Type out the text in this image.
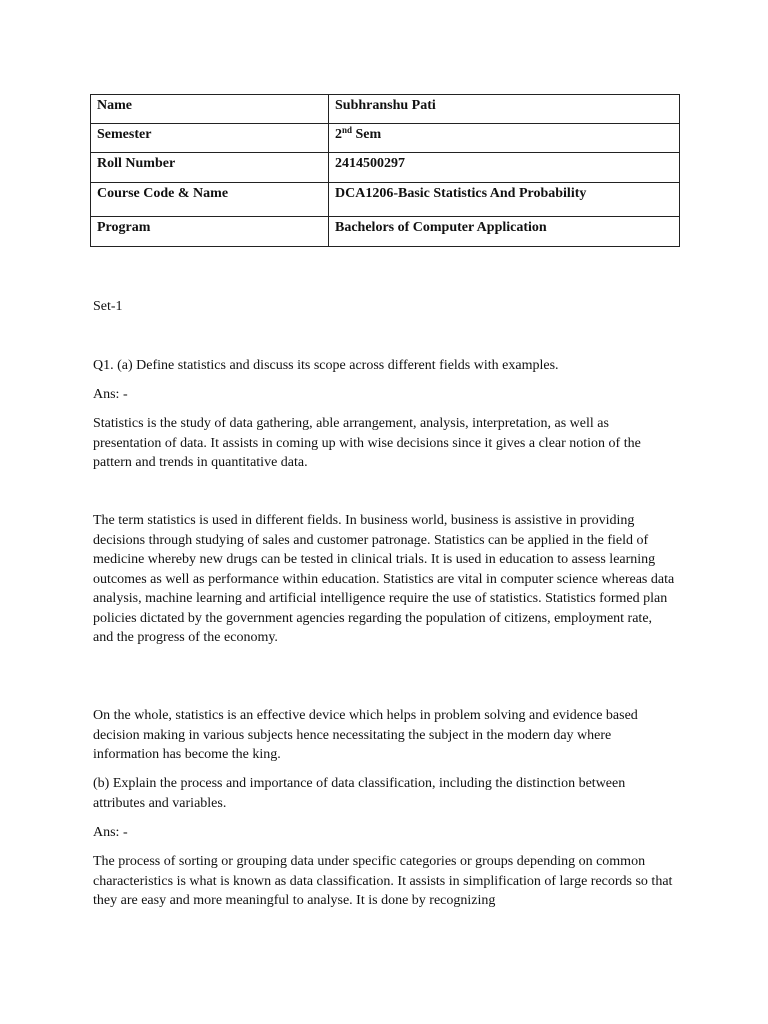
Name	Subhranshu Pati
Semester	2nd Sem
Roll Number	2414500297
Course Code & Name	DCA1206-Basic Statistics And Probability
Program	Bachelors of Computer Application

Set-1

Q1. (a) Define statistics and discuss its scope across different fields with examples.

Ans: -

Statistics is the study of data gathering, able arrangement, analysis, interpretation, as well as presentation of data. It assists in coming up with wise decisions since it gives a clear notion of the pattern and trends in quantitative data.

The term statistics is used in different fields. In business world, business is assistive in providing decisions through studying of sales and customer patronage. Statistics can be applied in the field of medicine whereby new drugs can be tested in clinical trials. It is used in education to assess learning outcomes as well as performance within education. Statistics are vital in computer science whereas data analysis, machine learning and artificial intelligence require the use of statistics. Statistics formed plan policies dictated by the government agencies regarding the population of citizens, employment rate, and the progress of the economy.

On the whole, statistics is an effective device which helps in problem solving and evidence based decision making in various subjects hence necessitating the subject in the modern day where information has become the king.

(b) Explain the process and importance of data classification, including the distinction between attributes and variables.

Ans: -

The process of sorting or grouping data under specific categories or groups depending on common characteristics is what is known as data classification. It assists in simplification of large records so that they are easy and more meaningful to analyse. It is done by recognizing
